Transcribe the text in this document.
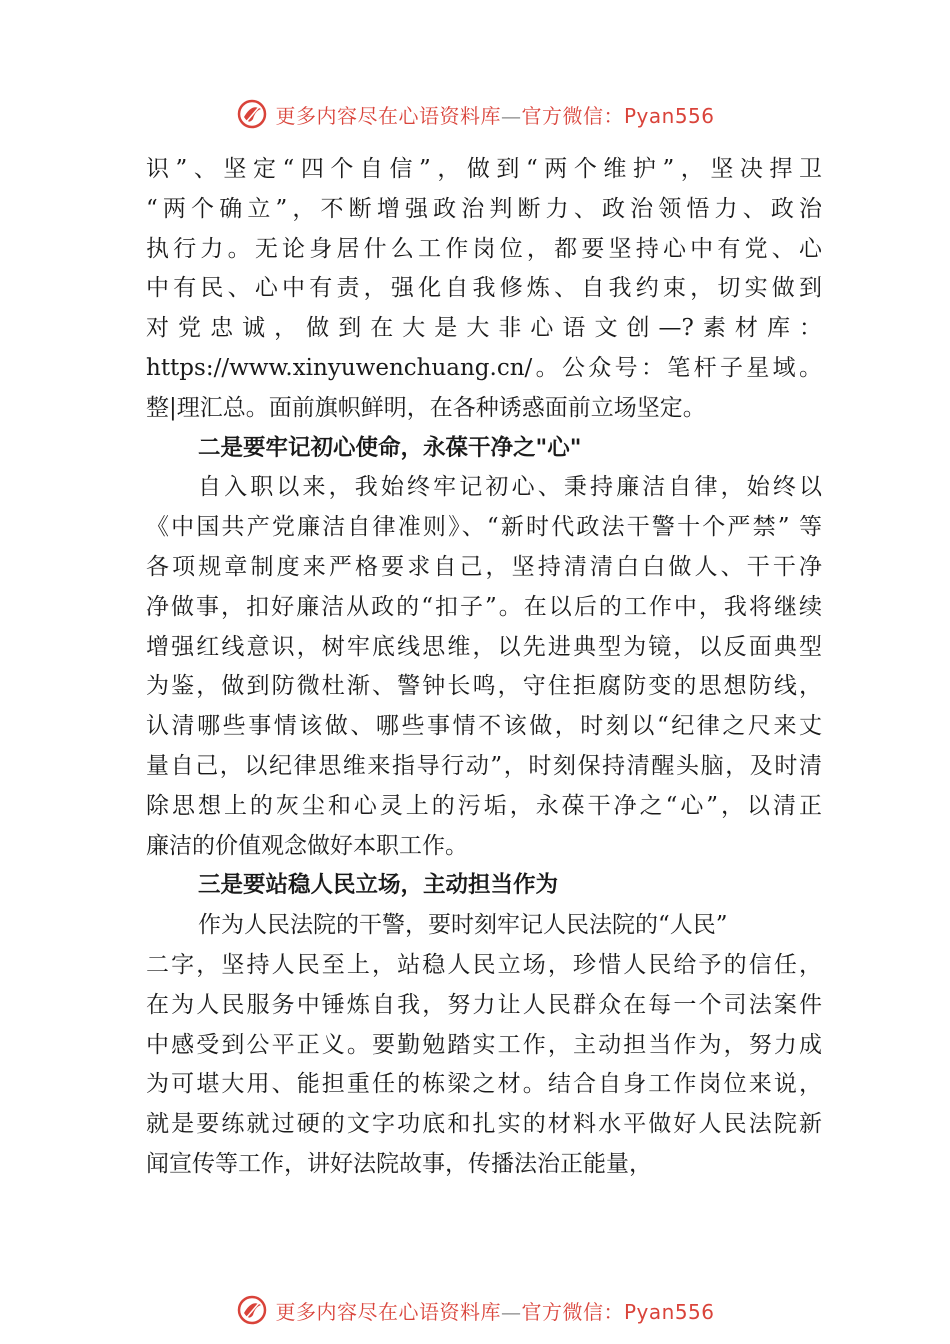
更多内容尽在心语资料库—官方微信：Pyan556
识”、坚定“四个自信”，做到“两个维护”，坚决捍卫
“两个确立”，不断增强政治判断力、政治领悟力、政治
执行力。无论身居什么工作岗位，都要坚持心中有党、心
中有民、心中有责，强化自我修炼、自我约束，切实做到
对党忠诚，做到在大是大非心语文创—?素材库：
https://www.xinyuwenchuang.cn/。公众号：笔杆子星域。
整|理汇总。面前旗帜鲜明，在各种诱惑面前立场坚定。
二是要牢记初心使命，永葆干净之"心"
自入职以来，我始终牢记初心、秉持廉洁自律，始终以
《中国共产党廉洁自律准则》、“新时代政法干警十个严禁” 等
各项规章制度来严格要求自己，坚持清清白白做人、干干净
净做事，扣好廉洁从政的“扣子”。在以后的工作中，我将继续
增强红线意识，树牢底线思维，以先进典型为镜，以反面典型
为鉴，做到防微杜渐、警钟长鸣，守住拒腐防变的思想防线，
认清哪些事情该做、哪些事情不该做，时刻以“纪律之尺来丈
量自己，以纪律思维来指导行动”，时刻保持清醒头脑，及时清
除思想上的灰尘和心灵上的污垢，永葆干净之“心”，以清正
廉洁的价值观念做好本职工作。
三是要站稳人民立场，主动担当作为
作为人民法院的干警，要时刻牢记人民法院的“人民”
二字，坚持人民至上，站稳人民立场，珍惜人民给予的信任，
在为人民服务中锤炼自我，努力让人民群众在每一个司法案件
中感受到公平正义。要勤勉踏实工作，主动担当作为，努力成
为可堪大用、能担重任的栋梁之材。结合自身工作岗位来说，
就是要练就过硬的文字功底和扎实的材料水平做好人民法院新
闻宣传等工作，讲好法院故事，传播法治正能量，
更多内容尽在心语资料库—官方微信：Pyan556
